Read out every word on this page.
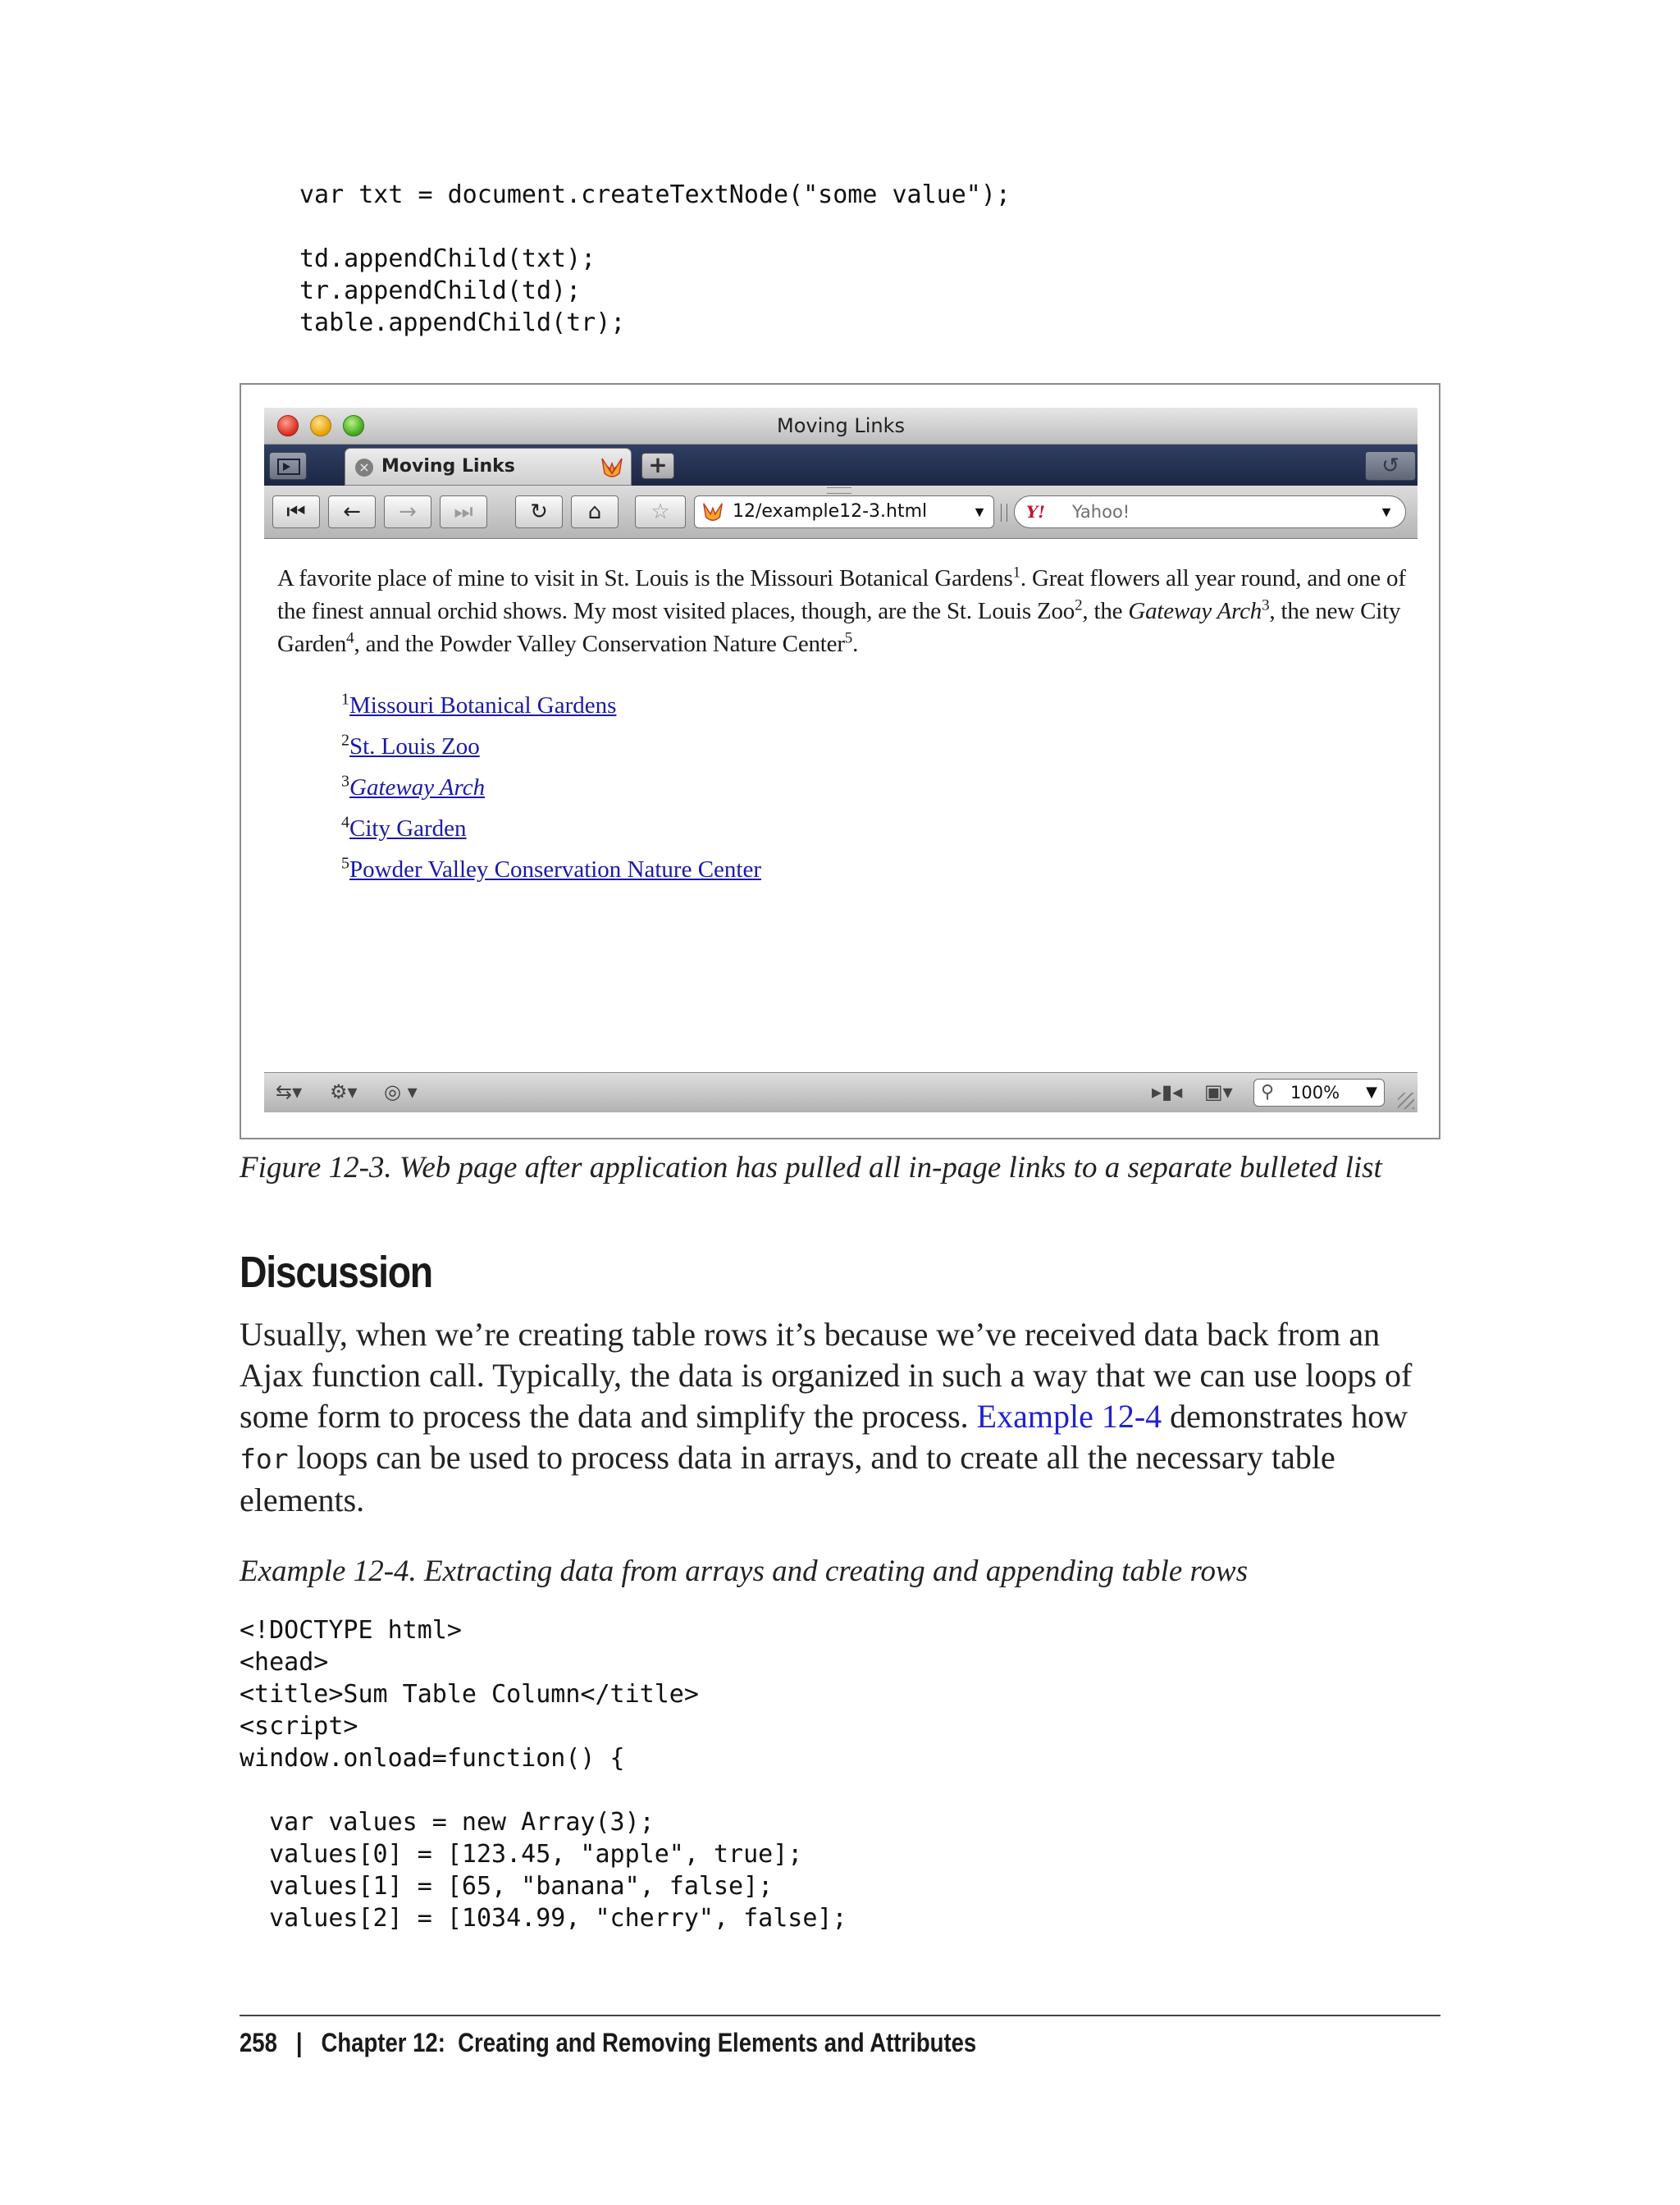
var txt = document.createTextNode("some value");

td.appendChild(txt);
tr.appendChild(td);
table.appendChild(tr);
Moving Links
× Moving Links	+	↺
⏮	←	→	⏭	↻	⌂	☆	12/example12-3.html	▼ Y! Yahoo!	▼

A favorite place of mine to visit in St. Louis is the Missouri Botanical Gardens$^1$. Great flowers all year round, and one of the finest annual orchid shows. My most visited places, though, are the St. Louis Zoo$^2$, the Gateway Arch$^3$, the new City Garden$^4$, and the Powder Valley Conservation Nature Center$^5$.

$^1$Missouri Botanical Gardens
$^2$St. Louis Zoo
$^3$Gateway Arch
$^4$City Garden
$^5$Powder Valley Conservation Nature Center
⇆▾ ⚙▾ ◎ ▾	▸▮◂ ▣▾ ⚲ 100% ▼

Figure 12-3. Web page after application has pulled all in-page links to a separate bulleted list

Discussion

Usually, when we’re creating table rows it’s because we’ve received data back from an Ajax function call. Typically, the data is organized in such a way that we can use loops of some form to process the data and simplify the process. Example 12-4 demonstrates how for loops can be used to process data in arrays, and to create all the necessary table elements.

Example 12-4. Extracting data from arrays and creating and appending table rows

<!DOCTYPE html>
<head>
<title>Sum Table Column</title>
<script>
window.onload=function() {

var values = new Array(3);
values[0] = [123.45, "apple", true];
values[1] = [65, "banana", false];
values[2] = [1034.99, "cherry", false];

258 | Chapter 12:  Creating and Removing Elements and Attributes
